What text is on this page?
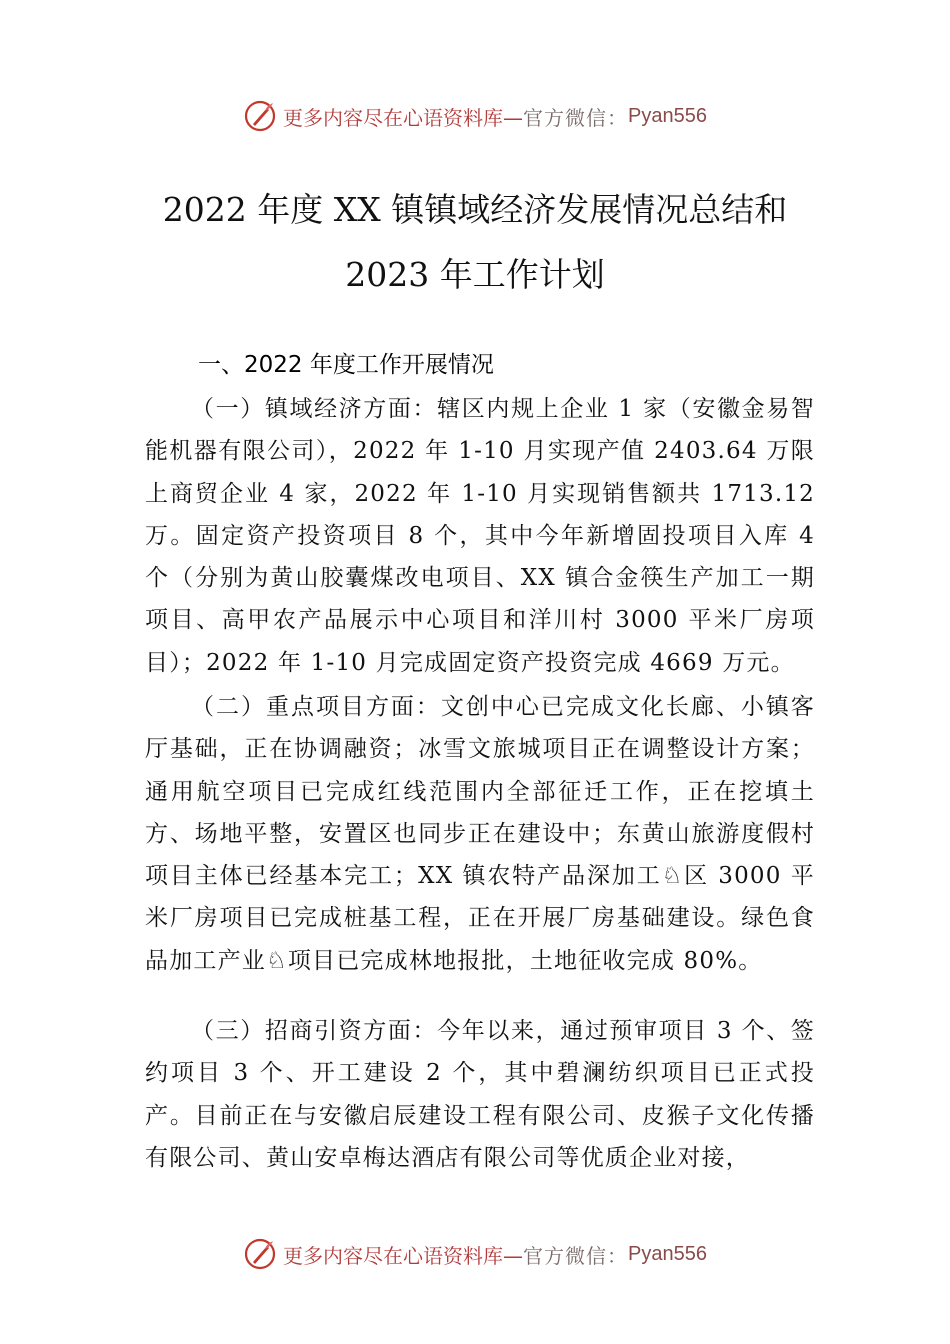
更多内容尽在心语资料库— 官方微信： Pyan556
2022 年度 XX 镇镇域经济发展情况总结和
2023 年工作计划
一、2022 年度工作开展情况

（一）镇域经济方面：辖区内规上企业 1 家（安徽金易智能机器有限公司），2022 年 1-10 月实现产值 2403.64 万限上商贸企业 4 家，2022 年 1-10 月实现销售额共 1713.12 万。固定资产投资项目 8 个，其中今年新增固投项目入库 4 个（分别为黄山胶囊煤改电项目、XX 镇合金筷生产加工一期项目、高甲农产品展示中心项目和洋川村 3000 平米厂房项目）；2022 年 1-10 月完成固定资产投资完成 4669 万元。

（二）重点项目方面：文创中心已完成文化长廊、小镇客厅基础，正在协调融资；冰雪文旅城项目正在调整设计方案；通用航空项目已完成红线范围内全部征迁工作，正在挖填土方、场地平整，安置区也同步正在建设中；东黄山旅游度假村项目主体已经基本完工；XX 镇农特产品深加工♘区 3000 平米厂房项目已完成桩基工程，正在开展厂房基础建设。绿色食品加工产业♘项目已完成林地报批，土地征收完成 80%。

（三）招商引资方面：今年以来，通过预审项目 3 个、签约项目 3 个、开工建设 2 个，其中碧澜纺织项目已正式投产。目前正在与安徽启辰建设工程有限公司、皮猴子文化传播有限公司、黄山安卓梅达酒店有限公司等优质企业对接，

更多内容尽在心语资料库— 官方微信： Pyan556
